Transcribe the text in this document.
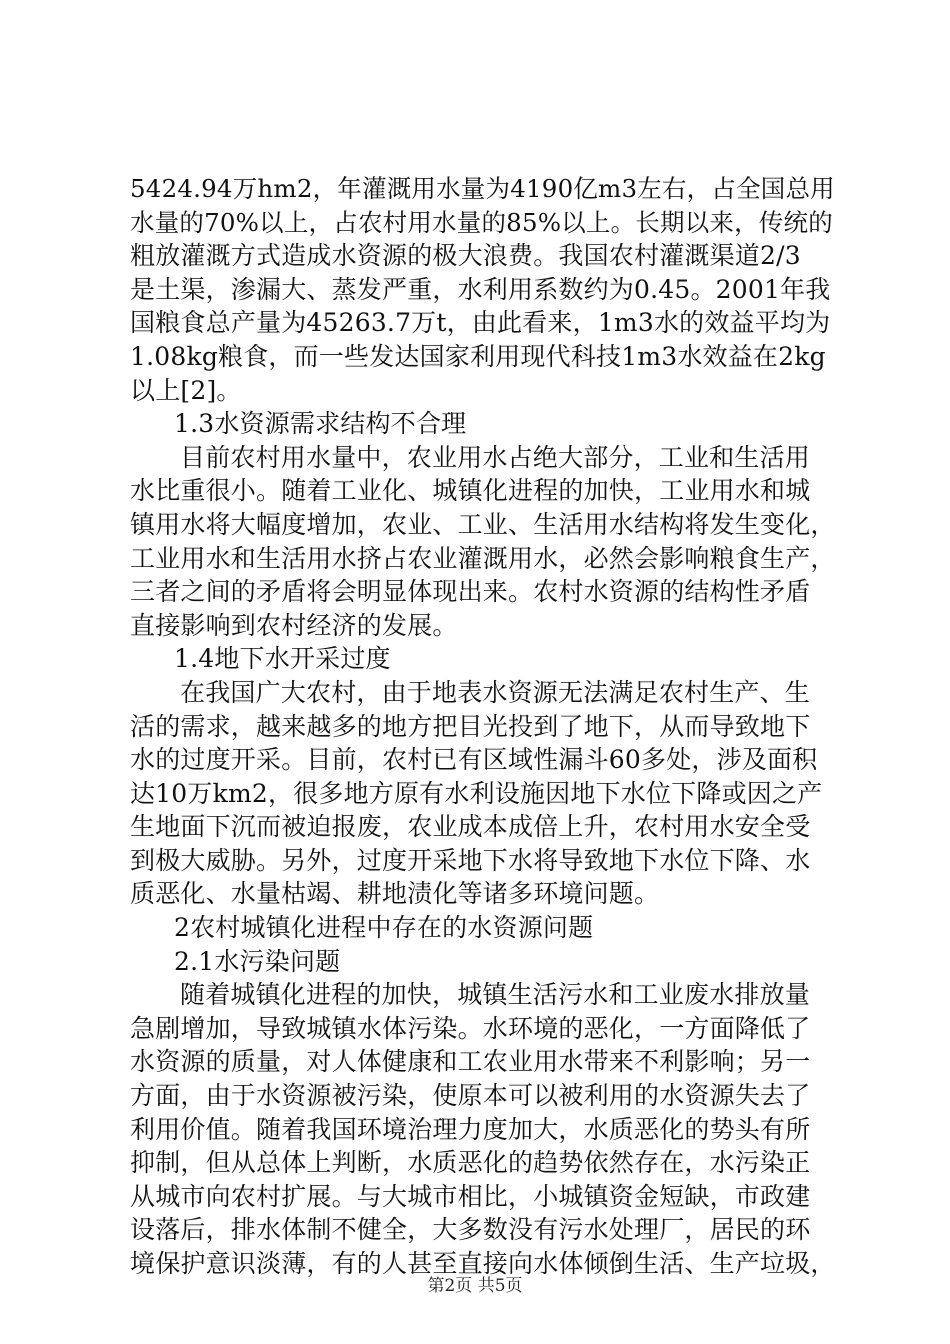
5424.94万hm2，年灌溉用水量为4190亿m3左右，占全国总用
水量的70%以上，占农村用水量的85%以上。长期以来，传统的
粗放灌溉方式造成水资源的极大浪费。我国农村灌溉渠道2/3
是土渠，渗漏大、蒸发严重，水利用系数约为0.45。2001年我
国粮食总产量为45263.7万t，由此看来，1m3水的效益平均为
1.08kg粮食，而一些发达国家利用现代科技1m3水效益在2kg
以上[2]。
1.3水资源需求结构不合理
目前农村用水量中，农业用水占绝大部分，工业和生活用
水比重很小。随着工业化、城镇化进程的加快，工业用水和城
镇用水将大幅度增加，农业、工业、生活用水结构将发生变化，
工业用水和生活用水挤占农业灌溉用水，必然会影响粮食生产，
三者之间的矛盾将会明显体现出来。农村水资源的结构性矛盾
直接影响到农村经济的发展。
1.4地下水开采过度
在我国广大农村，由于地表水资源无法满足农村生产、生
活的需求，越来越多的地方把目光投到了地下，从而导致地下
水的过度开采。目前，农村已有区域性漏斗60多处，涉及面积
达10万km2，很多地方原有水利设施因地下水位下降或因之产
生地面下沉而被迫报废，农业成本成倍上升，农村用水安全受
到极大威胁。另外，过度开采地下水将导致地下水位下降、水
质恶化、水量枯竭、耕地渍化等诸多环境问题。
2农村城镇化进程中存在的水资源问题
2.1水污染问题
随着城镇化进程的加快，城镇生活污水和工业废水排放量
急剧增加，导致城镇水体污染。水环境的恶化，一方面降低了
水资源的质量，对人体健康和工农业用水带来不利影响；另一
方面，由于水资源被污染，使原本可以被利用的水资源失去了
利用价值。随着我国环境治理力度加大，水质恶化的势头有所
抑制，但从总体上判断，水质恶化的趋势依然存在，水污染正
从城市向农村扩展。与大城市相比，小城镇资金短缺，市政建
设落后，排水体制不健全，大多数没有污水处理厂，居民的环
境保护意识淡薄，有的人甚至直接向水体倾倒生活、生产垃圾，
第2页 共5页
